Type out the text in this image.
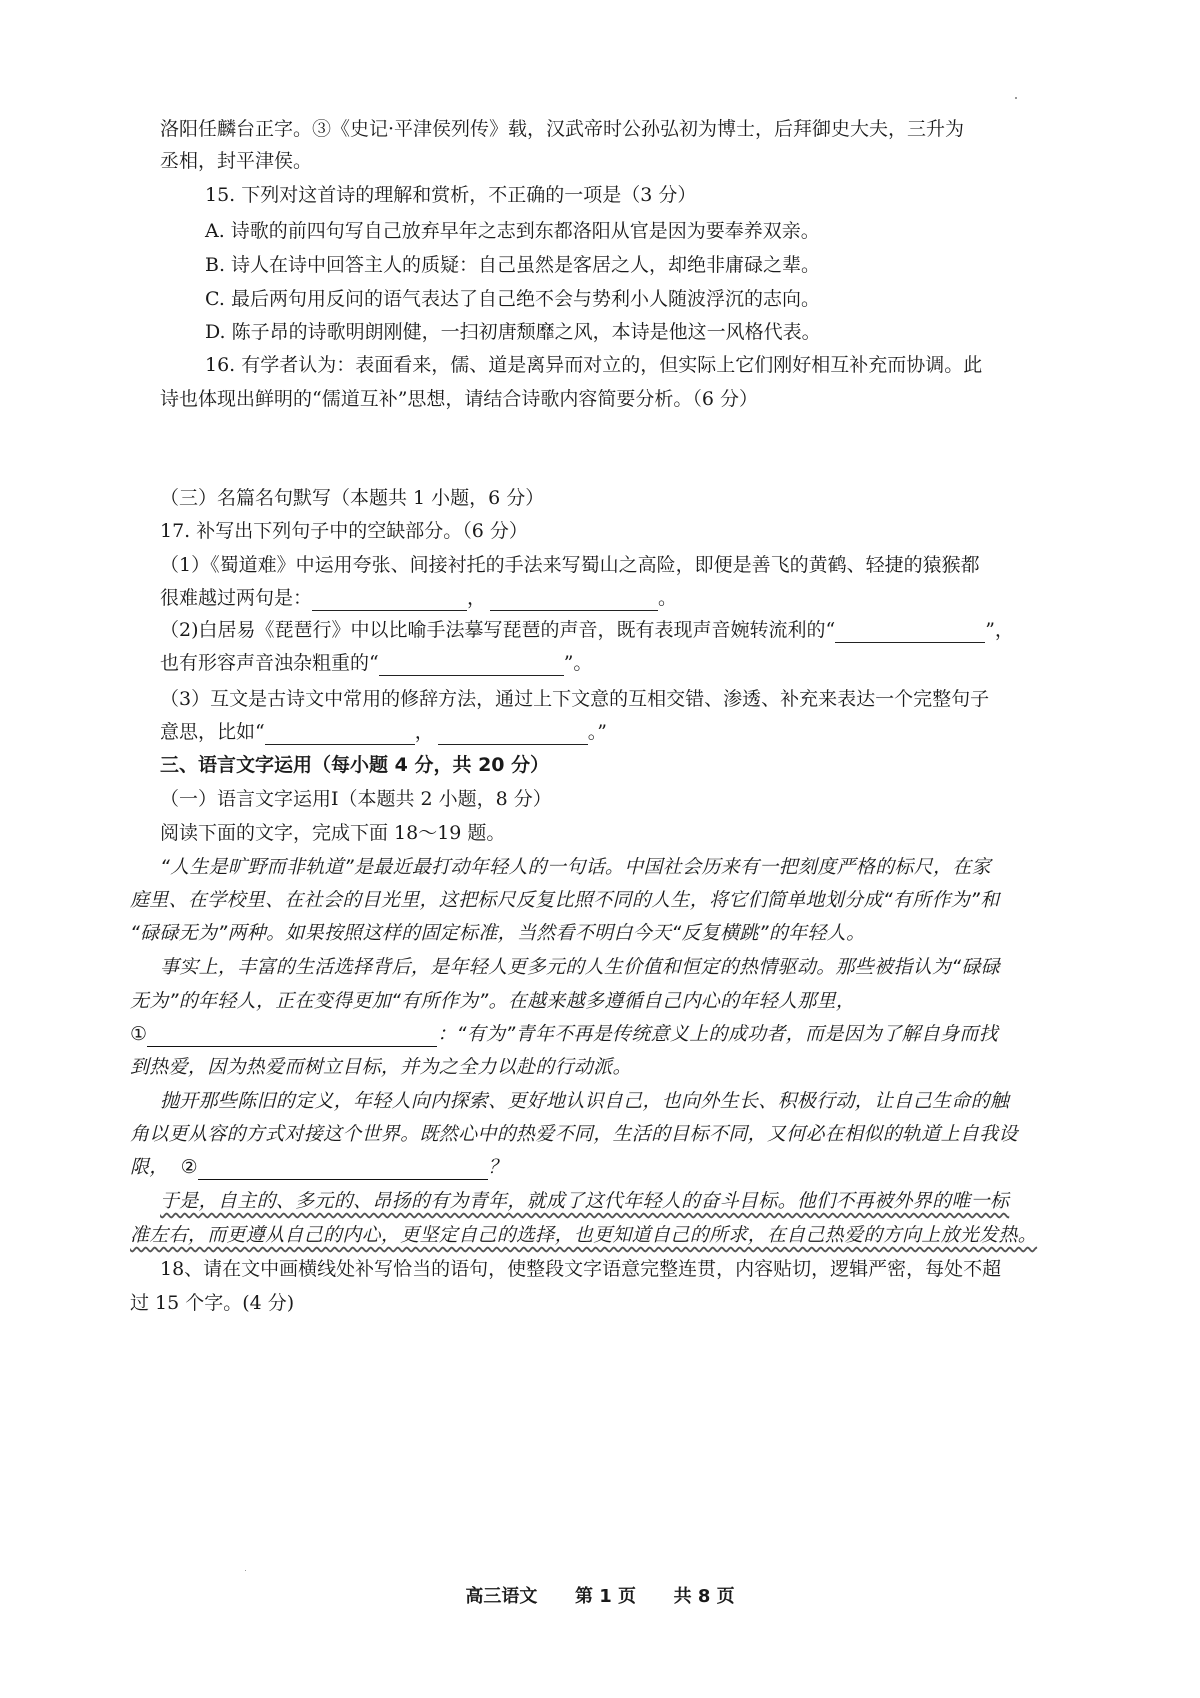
洛阳任麟台正字。③《史记·平津侯列传》载，汉武帝时公孙弘初为博士，后拜御史大夫，三升为
丞相，封平津侯。
15. 下列对这首诗的理解和赏析，不正确的一项是（3 分）
A. 诗歌的前四句写自己放弃早年之志到东都洛阳从官是因为要奉养双亲。
B. 诗人在诗中回答主人的质疑：自己虽然是客居之人，却绝非庸碌之辈。
C. 最后两句用反问的语气表达了自己绝不会与势利小人随波浮沉的志向。
D. 陈子昂的诗歌明朗刚健，一扫初唐颓靡之风，本诗是他这一风格代表。
16. 有学者认为：表面看来，儒、道是离异而对立的，但实际上它们刚好相互补充而协调。此
诗也体现出鲜明的“儒道互补”思想，请结合诗歌内容简要分析。（6 分）
（三）名篇名句默写（本题共 1 小题，6 分）
17. 补写出下列句子中的空缺部分。（6 分）
（1）《蜀道难》中运用夸张、间接衬托的手法来写蜀山之高险，即便是善飞的黄鹤、轻捷的猿猴都
很难越过两句是：	，	。
（2)白居易《琵琶行》中以比喻手法摹写琵琶的声音，既有表现声音婉转流利的“	”，
也有形容声音浊杂粗重的“	”。
（3）互文是古诗文中常用的修辞方法，通过上下文意的互相交错、渗透、补充来表达一个完整句子
意思，比如“	，	。”
三、语言文字运用（每小题 4 分，共 20 分）
（一）语言文字运用Ⅰ（本题共 2 小题，8 分）
阅读下面的文字，完成下面 18～19 题。
“人生是旷野而非轨道”是最近最打动年轻人的一句话。中国社会历来有一把刻度严格的标尺，在家
庭里、在学校里、在社会的目光里，这把标尺反复比照不同的人生，将它们简单地划分成“有所作为”和
“碌碌无为”两种。如果按照这样的固定标准，当然看不明白今天“反复横跳”的年轻人。
事实上，丰富的生活选择背后，是年轻人更多元的人生价值和恒定的热情驱动。那些被指认为“碌碌
无为”的年轻人，正在变得更加“有所作为”。在越来越多遵循自己内心的年轻人那里，
①	：“有为”青年不再是传统意义上的成功者，而是因为了解自身而找
到热爱，因为热爱而树立目标，并为之全力以赴的行动派。
抛开那些陈旧的定义，年轻人向内探索、更好地认识自己，也向外生长、积极行动，让自己生命的触
角以更从容的方式对接这个世界。既然心中的热爱不同，生活的目标不同，又何必在相似的轨道上自我设
限， ②	？
于是，自主的、多元的、昂扬的有为青年，就成了这代年轻人的奋斗目标。他们不再被外界的唯一标
准左右，而更遵从自己的内心，更坚定自己的选择，也更知道自己的所求，在自己热爱的方向上放光发热。
18、请在文中画横线处补写恰当的语句，使整段文字语意完整连贯，内容贴切，逻辑严密，每处不超
过 15 个字。(4 分)
高三语文 第 1 页 共 8 页
